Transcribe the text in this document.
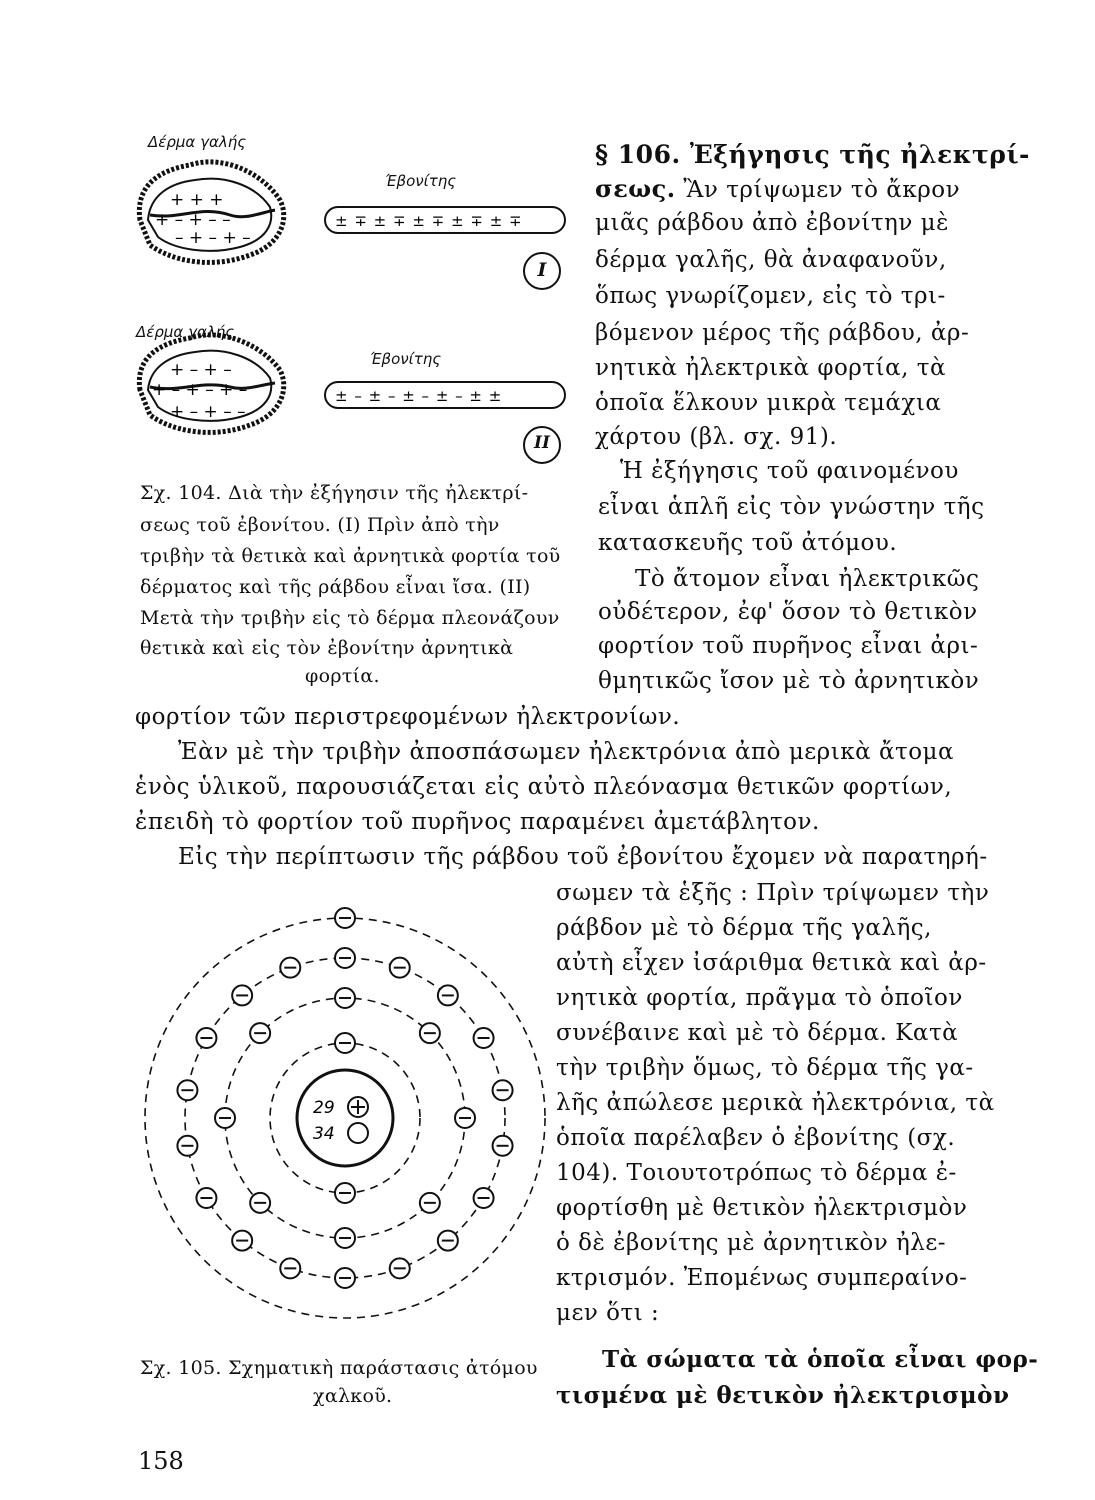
+ + +
+ – + – –
– + – + –
+ – + –
+ – + – + –
+ – + – –
± ∓ ± ∓ ± ∓ ± ∓ ± ∓
± – ± – ± – ± – ± ±
Δέρμα γαλής
Έβονίτης
Δέρμα γαλής
Έβονίτης
I
II
Σχ. 104. Διὰ τὴν ἐξήγησιν τῆς ἠλεκτρί-
σεως τοῦ ἐβονίτου. (I) Πρὶν ἀπὸ τὴν
τριβὴν τὰ θετικὰ καὶ ἀρνητικὰ φορτία τοῦ
δέρματος καὶ τῆς ράβδου εἶναι ἴσα. (II)
Μετὰ τὴν τριβὴν εἰς τὸ δέρμα πλεονάζουν
θετικὰ καὶ εἰς τὸν ἐβονίτην ἀρνητικὰ
φορτία.
§ 106. Ἐξήγησις τῆς ἠλεκτρί-
σεως. Ἂν τρίψωμεν τὸ ἄκρον
μιᾶς ράβδου ἀπὸ ἐβονίτην μὲ
δέρμα γαλῆς, θὰ ἀναφανοῦν,
ὅπως γνωρίζομεν, εἰς τὸ τρι-
βόμενον μέρος τῆς ράβδου, ἀρ-
νητικὰ ἠλεκτρικὰ φορτία, τὰ
ὁποῖα ἕλκουν μικρὰ τεμάχια
χάρτου (βλ. σχ. 91).
Ἡ ἐξήγησις τοῦ φαινομένου
εἶναι ἁπλῆ εἰς τὸν γνώστην τῆς
κατασκευῆς τοῦ ἀτόμου.
Τὸ ἄτομον εἶναι ἠλεκτρικῶς
οὐδέτερον, ἐφ' ὅσον τὸ θετικὸν
φορτίον τοῦ πυρῆνος εἶναι ἀρι-
θμητικῶς ἴσον μὲ τὸ ἀρνητικὸν
φορτίον τῶν περιστρεφομένων ἠλεκτρονίων.
Ἐὰν μὲ τὴν τριβὴν ἀποσπάσωμεν ἠλεκτρόνια ἀπὸ μερικὰ ἄτομα
ἑνὸς ὑλικοῦ, παρουσιάζεται εἰς αὐτὸ πλεόνασμα θετικῶν φορτίων,
ἐπειδὴ τὸ φορτίον τοῦ πυρῆνος παραμένει ἀμετάβλητον.
Εἰς τὴν περίπτωσιν τῆς ράβδου τοῦ ἐβονίτου ἔχομεν νὰ παρατηρή-
σωμεν τὰ ἑξῆς : Πρὶν τρίψωμεν τὴν
ράβδον μὲ τὸ δέρμα τῆς γαλῆς,
αὐτὴ εἶχεν ἰσάριθμα θετικὰ καὶ ἀρ-
νητικὰ φορτία, πρᾶγμα τὸ ὁποῖον
συνέβαινε καὶ μὲ τὸ δέρμα. Κατὰ
τὴν τριβὴν ὅμως, τὸ δέρμα τῆς γα-
λῆς ἀπώλεσε μερικὰ ἠλεκτρόνια, τὰ
ὁποῖα παρέλαβεν ὁ ἐβονίτης (σχ.
104). Τοιουτοτρόπως τὸ δέρμα ἐ-
φορτίσθη μὲ θετικὸν ἠλεκτρισμὸν
ὁ δὲ ἐβονίτης μὲ ἀρνητικὸν ἠλε-
κτρισμόν. Ἐπομένως συμπεραίνο-
μεν ὅτι :
Τὰ σώματα τὰ ὁποῖα εἶναι φορ-
τισμένα μὲ θετικὸν ἠλεκτρισμὸν
29
34
Σχ. 105. Σχηματικὴ παράστασις ἀτόμου
χαλκοῦ.
158
